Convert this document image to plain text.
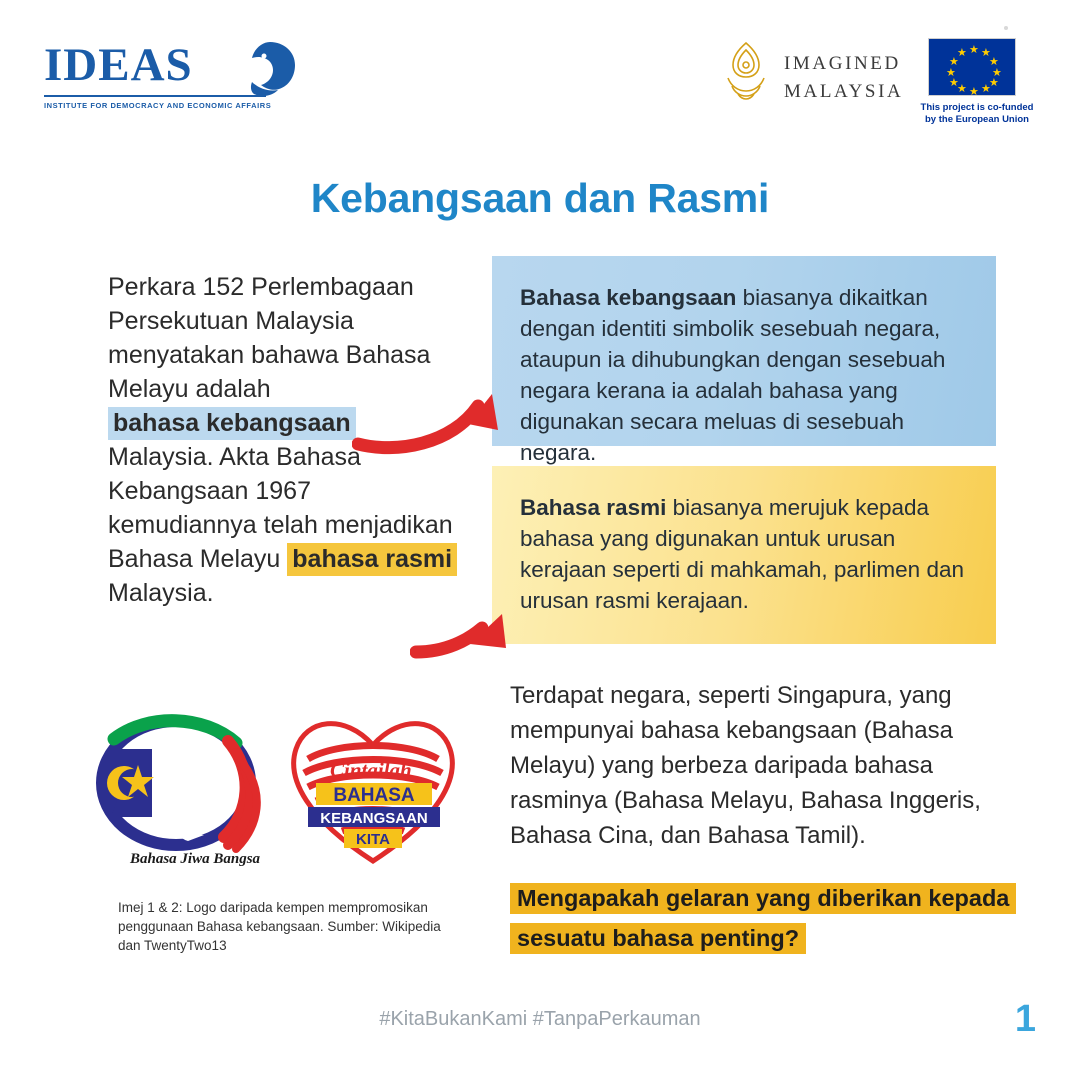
IDEAS
INSTITUTE FOR DEMOCRACY AND ECONOMIC AFFAIRS
IMAGINED
MALAYSIA
★
★ ★
★	★
★	★
★	★
★ ★
★
This project is co-funded by the European Union
Kebangsaan dan Rasmi
Perkara 152 Perlembagaan Persekutuan Malaysia menyatakan bahawa Bahasa Melayu adalah bahasa kebangsaan Malaysia. Akta Bahasa Kebangsaan 1967 kemudiannya telah menjadikan Bahasa Melayu bahasa rasmi Malaysia.
Bahasa kebangsaan biasanya dikaitkan dengan identiti simbolik sesebuah negara, ataupun ia dihubungkan dengan sesebuah negara kerana ia adalah bahasa yang digunakan secara meluas di sesebuah negara.
Bahasa rasmi biasanya merujuk kepada bahasa yang digunakan untuk urusan kerajaan seperti di mahkamah, parlimen dan urusan rasmi kerajaan.
Terdapat negara, seperti Singapura, yang mempunyai bahasa kebangsaan (Bahasa Melayu) yang berbeza daripada bahasa rasminya (Bahasa Melayu, Bahasa Inggeris, Bahasa Cina, dan Bahasa Tamil).
Mengapakah gelaran yang diberikan kepada sesuatu bahasa penting?
Bahasa Jiwa Bangsa
Cintailah
BAHASA
KEBANGSAAN
KITA
Imej 1 & 2: Logo daripada kempen mempromosikan penggunaan Bahasa kebangsaan. Sumber: Wikipedia dan TwentyTwo13
#KitaBukanKami #TanpaPerkauman	1
